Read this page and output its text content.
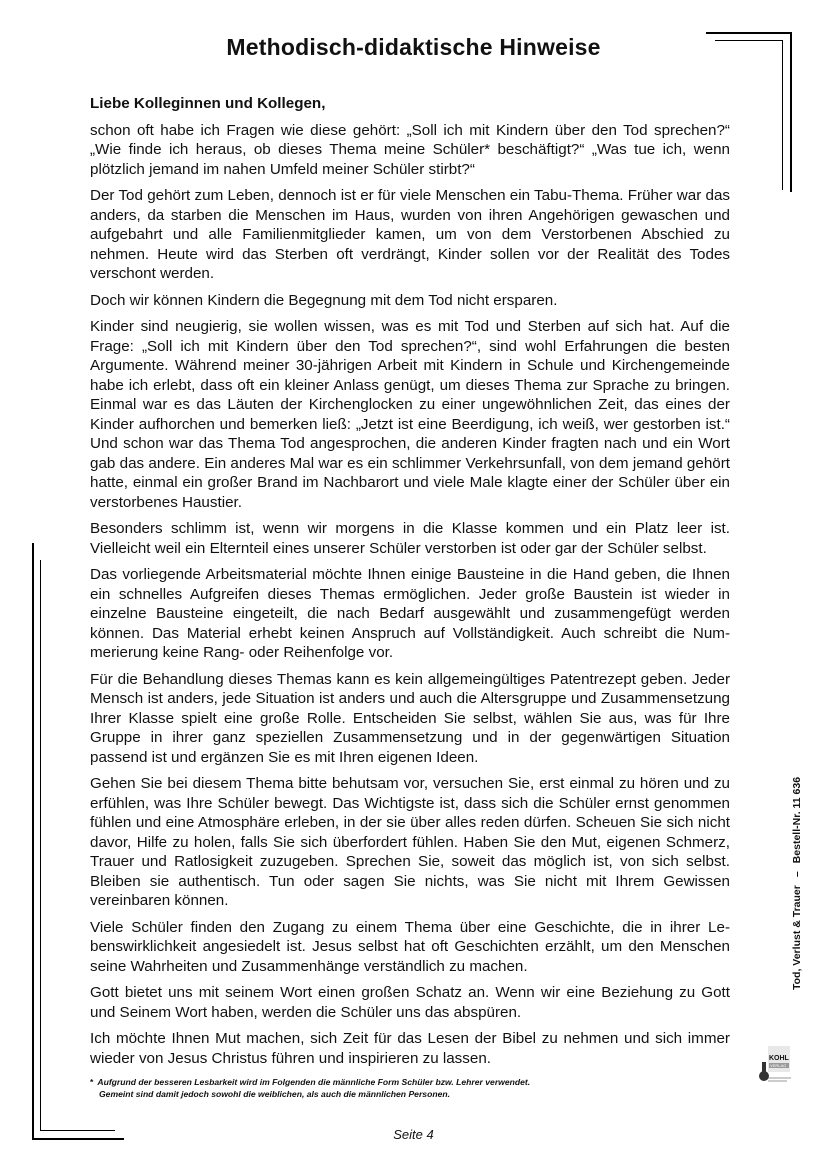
Methodisch-didaktische Hinweise

Liebe Kolleginnen und Kollegen,

schon oft habe ich Fragen wie diese gehört: „Soll ich mit Kindern über den Tod sprechen?“ „Wie finde ich heraus, ob dieses Thema meine Schüler* beschäftigt?“ „Was tue ich, wenn plötzlich jemand im nahen Umfeld meiner Schüler stirbt?“

Der Tod gehört zum Leben, dennoch ist er für viele Menschen ein Tabu-Thema. Früher war das anders, da starben die Menschen im Haus, wurden von ihren Angehörigen gewaschen und aufgebahrt und alle Familienmitglieder kamen, um von dem Verstorbenen Abschied zu nehmen. Heute wird das Sterben oft verdrängt, Kinder sollen vor der Realität des Todes verschont werden.

Doch wir können Kindern die Begegnung mit dem Tod nicht ersparen.

Kinder sind neugierig, sie wollen wissen, was es mit Tod und Sterben auf sich hat. Auf die Frage: „Soll ich mit Kindern über den Tod sprechen?“, sind wohl Erfahrungen die besten Argumente. Während meiner 30-jährigen Arbeit mit Kindern in Schule und Kirchengemeinde habe ich erlebt, dass oft ein kleiner Anlass genügt, um dieses Thema zur Sprache zu bringen. Einmal war es das Läuten der Kirchenglocken zu einer ungewöhnlichen Zeit, das eines der Kinder aufhorchen und bemerken ließ: „Jetzt ist eine Beerdigung, ich weiß, wer gestorben ist.“ Und schon war das Thema Tod angesprochen, die anderen Kinder fragten nach und ein Wort gab das andere. Ein anderes Mal war es ein schlimmer Verkehrsunfall, von dem jemand gehört hatte, einmal ein großer Brand im Nachbarort und viele Male klagte einer der Schüler über ein verstorbenes Haustier.

Besonders schlimm ist, wenn wir morgens in die Klasse kommen und ein Platz leer ist. Vielleicht weil ein Elternteil eines unserer Schüler verstorben ist oder gar der Schüler selbst.

Das vorliegende Arbeitsmaterial möchte Ihnen einige Bausteine in die Hand geben, die Ihnen ein schnelles Aufgreifen dieses Themas ermöglichen. Jeder große Baustein ist wieder in einzelne Bausteine eingeteilt, die nach Bedarf ausgewählt und zusammengefügt werden können. Das Material erhebt keinen Anspruch auf Vollständigkeit. Auch schreibt die Nummerierung keine Rang- oder Reihenfolge vor.

Für die Behandlung dieses Themas kann es kein allgemeingültiges Patentrezept geben. Jeder Mensch ist anders, jede Situation ist anders und auch die Altersgruppe und Zusammensetzung Ihrer Klasse spielt eine große Rolle. Entscheiden Sie selbst, wählen Sie aus, was für Ihre Gruppe in ihrer ganz speziellen Zusammensetzung und in der gegenwärtigen Situation passend ist und ergänzen Sie es mit Ihren eigenen Ideen.

Gehen Sie bei diesem Thema bitte behutsam vor, versuchen Sie, erst einmal zu hören und zu erfühlen, was Ihre Schüler bewegt. Das Wichtigste ist, dass sich die Schüler ernst genommen fühlen und eine Atmosphäre erleben, in der sie über alles reden dürfen. Scheuen Sie sich nicht davor, Hilfe zu holen, falls Sie sich überfordert fühlen. Haben Sie den Mut, eigenen Schmerz, Trauer und Ratlosigkeit zuzugeben. Sprechen Sie, soweit das möglich ist, von sich selbst. Bleiben sie authentisch. Tun oder sagen Sie nichts, was Sie nicht mit Ihrem Gewissen vereinbaren können.

Viele Schüler finden den Zugang zu einem Thema über eine Geschichte, die in ihrer Lebenswirklichkeit angesiedelt ist. Jesus selbst hat oft Geschichten erzählt, um den Menschen seine Wahrheiten und Zusammenhänge verständlich zu machen.

Gott bietet uns mit seinem Wort einen großen Schatz an. Wenn wir eine Beziehung zu Gott und Seinem Wort haben, werden die Schüler uns das abspüren.

Ich möchte Ihnen Mut machen, sich Zeit für das Lesen der Bibel zu nehmen und sich immer wieder von Jesus Christus führen und inspirieren zu lassen.

* Aufgrund der besseren Lesbarkeit wird im Folgenden die männliche Form Schüler bzw. Lehrer verwendet.
Gemeint sind damit jedoch sowohl die weiblichen, als auch die männlichen Personen.
Seite 4
Tod, Verlust & Trauer–Bestell-Nr. 11 636
KOHL
VERLAG
